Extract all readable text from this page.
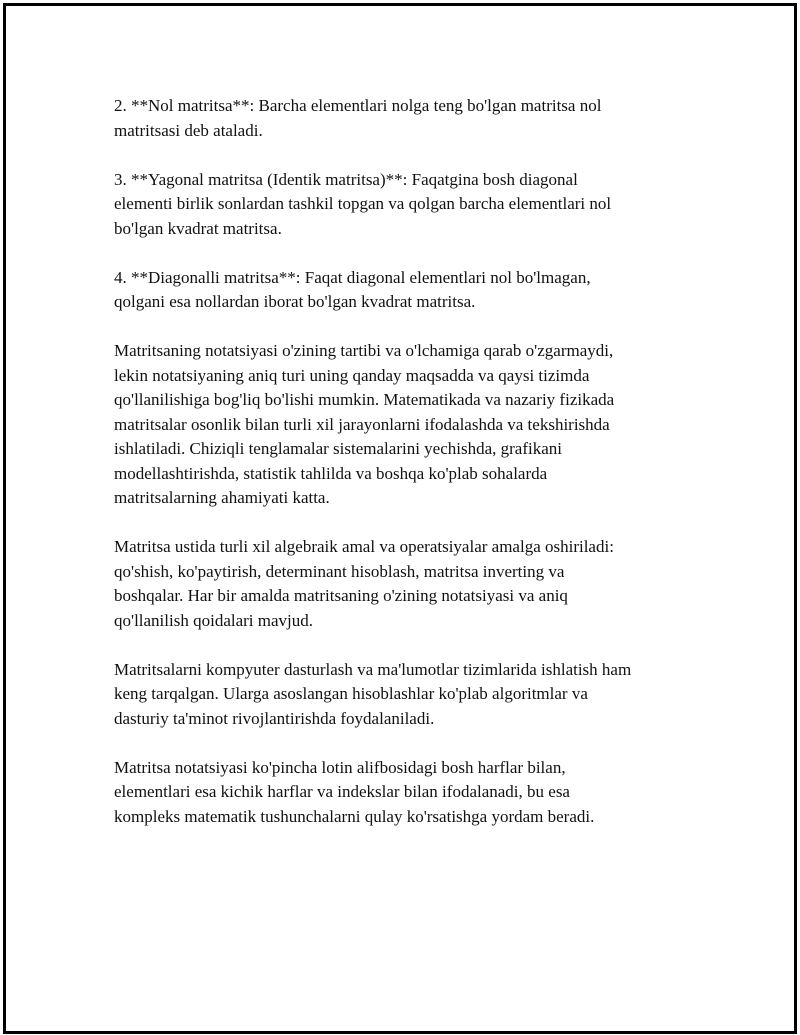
2. **Nol matritsa**: Barcha elementlari nolga teng bo'lgan matritsa nol
matritsasi deb ataladi.

3. **Yagonal matritsa (Identik matritsa)**: Faqatgina bosh diagonal
elementi birlik sonlardan tashkil topgan va qolgan barcha elementlari nol
bo'lgan kvadrat matritsa.

4. **Diagonalli matritsa**: Faqat diagonal elementlari nol bo'lmagan,
qolgani esa nollardan iborat bo'lgan kvadrat matritsa.

Matritsaning notatsiyasi o'zining tartibi va o'lchamiga qarab o'zgarmaydi,
lekin notatsiyaning aniq turi uning qanday maqsadda va qaysi tizimda
qo'llanilishiga bog'liq bo'lishi mumkin. Matematikada va nazariy fizikada
matritsalar osonlik bilan turli xil jarayonlarni ifodalashda va tekshirishda
ishlatiladi. Chiziqli tenglamalar sistemalarini yechishda, grafikani
modellashtirishda, statistik tahlilda va boshqa ko'plab sohalarda
matritsalarning ahamiyati katta.

Matritsa ustida turli xil algebraik amal va operatsiyalar amalga oshiriladi:
qo'shish, ko'paytirish, determinant hisoblash, matritsa inverting va
boshqalar. Har bir amalda matritsaning o'zining notatsiyasi va aniq
qo'llanilish qoidalari mavjud.

Matritsalarni kompyuter dasturlash va ma'lumotlar tizimlarida ishlatish ham
keng tarqalgan. Ularga asoslangan hisoblashlar ko'plab algoritmlar va
dasturiy ta'minot rivojlantirishda foydalaniladi.

Matritsa notatsiyasi ko'pincha lotin alifbosidagi bosh harflar bilan,
elementlari esa kichik harflar va indekslar bilan ifodalanadi, bu esa
kompleks matematik tushunchalarni qulay ko'rsatishga yordam beradi.
